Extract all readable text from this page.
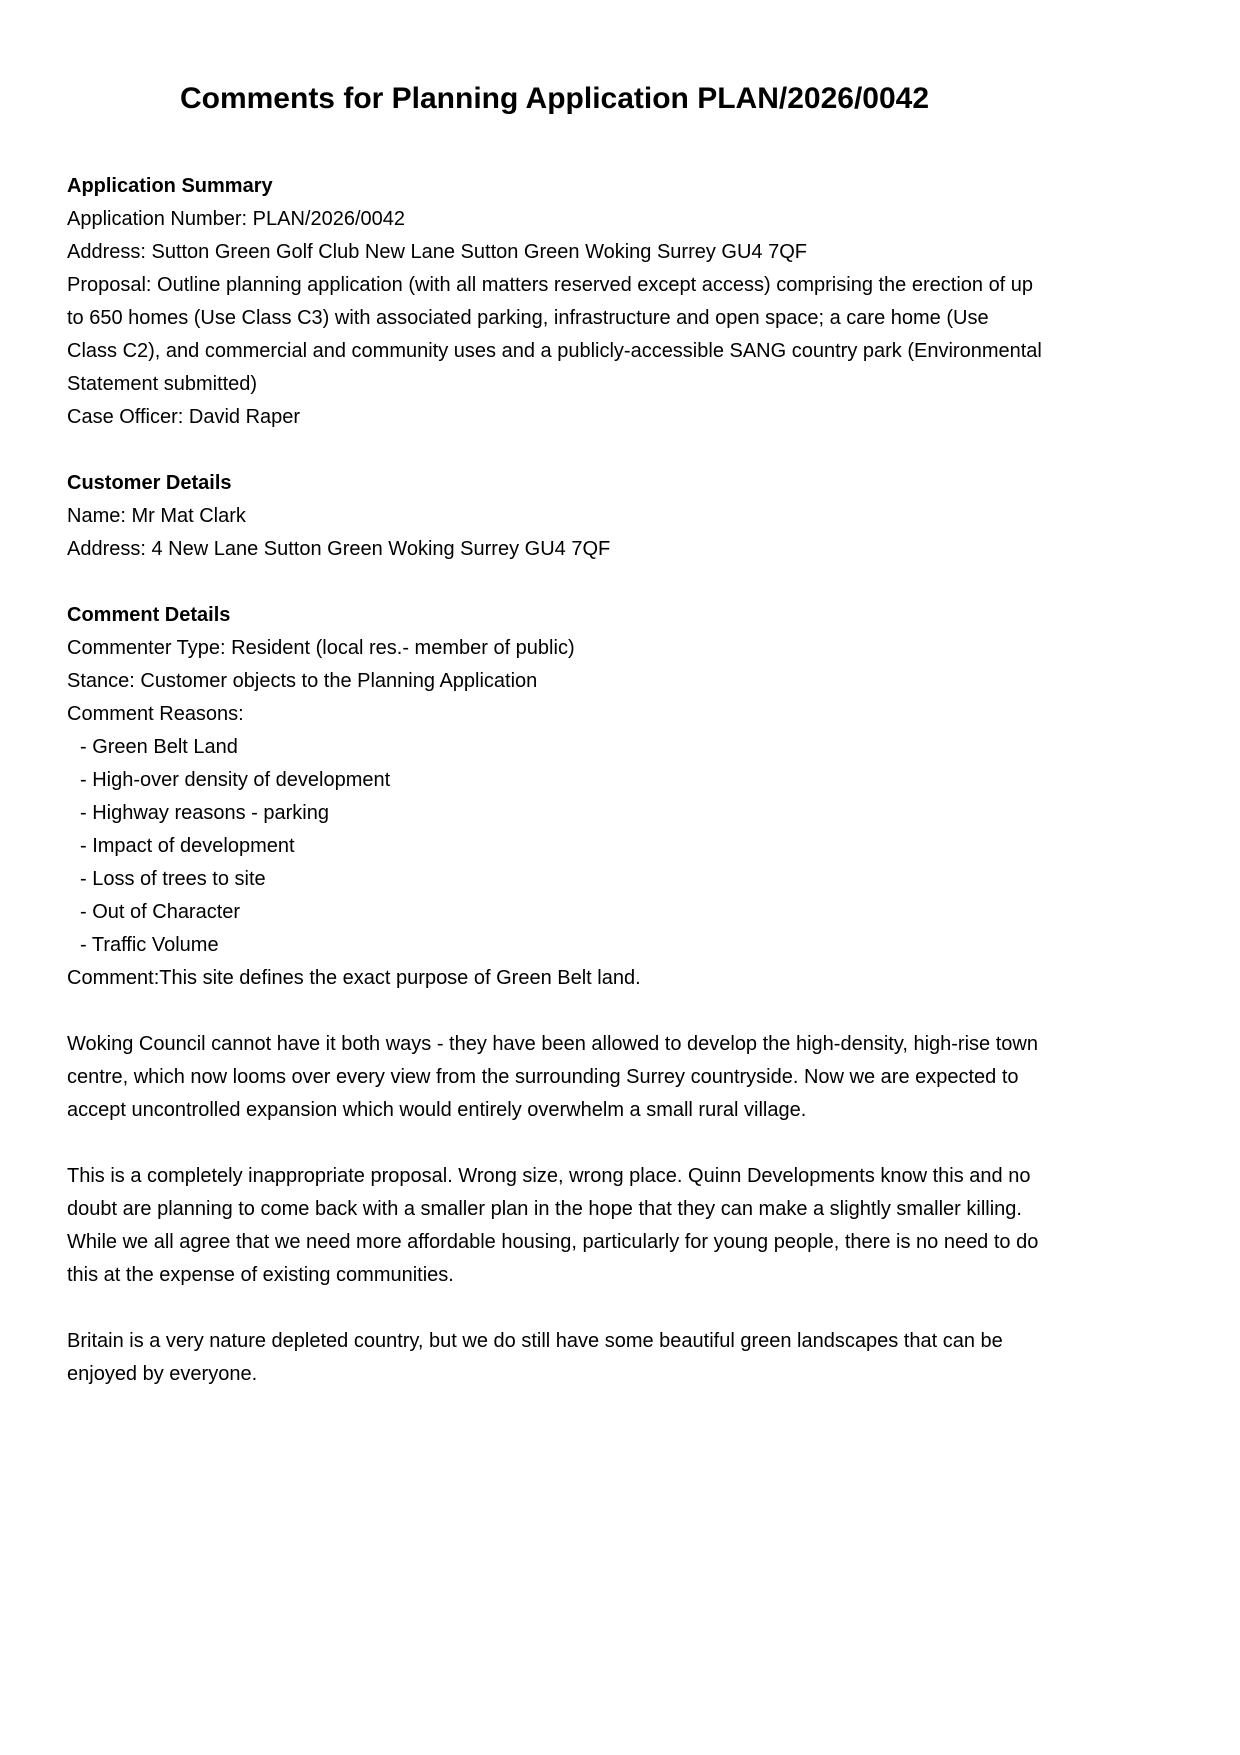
Comments for Planning Application PLAN/2026/0042

Application Summary

Application Number: PLAN/2026/0042

Address: Sutton Green Golf Club New Lane Sutton Green Woking Surrey GU4 7QF

Proposal: Outline planning application (with all matters reserved except access) comprising the erection of up to 650 homes (Use Class C3) with associated parking, infrastructure and open space; a care home (Use Class C2), and commercial and community uses and a publicly-accessible SANG country park (Environmental Statement submitted)

Case Officer: David Raper

Customer Details

Name: Mr Mat Clark

Address: 4 New Lane Sutton Green Woking Surrey GU4 7QF

Comment Details

Commenter Type: Resident (local res.- member of public)

Stance: Customer objects to the Planning Application

Comment Reasons:

- Green Belt Land

- High-over density of development

- Highway reasons - parking

- Impact of development

- Loss of trees to site

- Out of Character

- Traffic Volume

Comment:This site defines the exact purpose of Green Belt land.

Woking Council cannot have it both ways - they have been allowed to develop the high-density, high-rise town centre, which now looms over every view from the surrounding Surrey countryside. Now we are expected to accept uncontrolled expansion which would entirely overwhelm a small rural village.

This is a completely inappropriate proposal. Wrong size, wrong place. Quinn Developments know this and no doubt are planning to come back with a smaller plan in the hope that they can make a slightly smaller killing.

While we all agree that we need more affordable housing, particularly for young people, there is no need to do this at the expense of existing communities.

Britain is a very nature depleted country, but we do still have some beautiful green landscapes that can be enjoyed by everyone.
